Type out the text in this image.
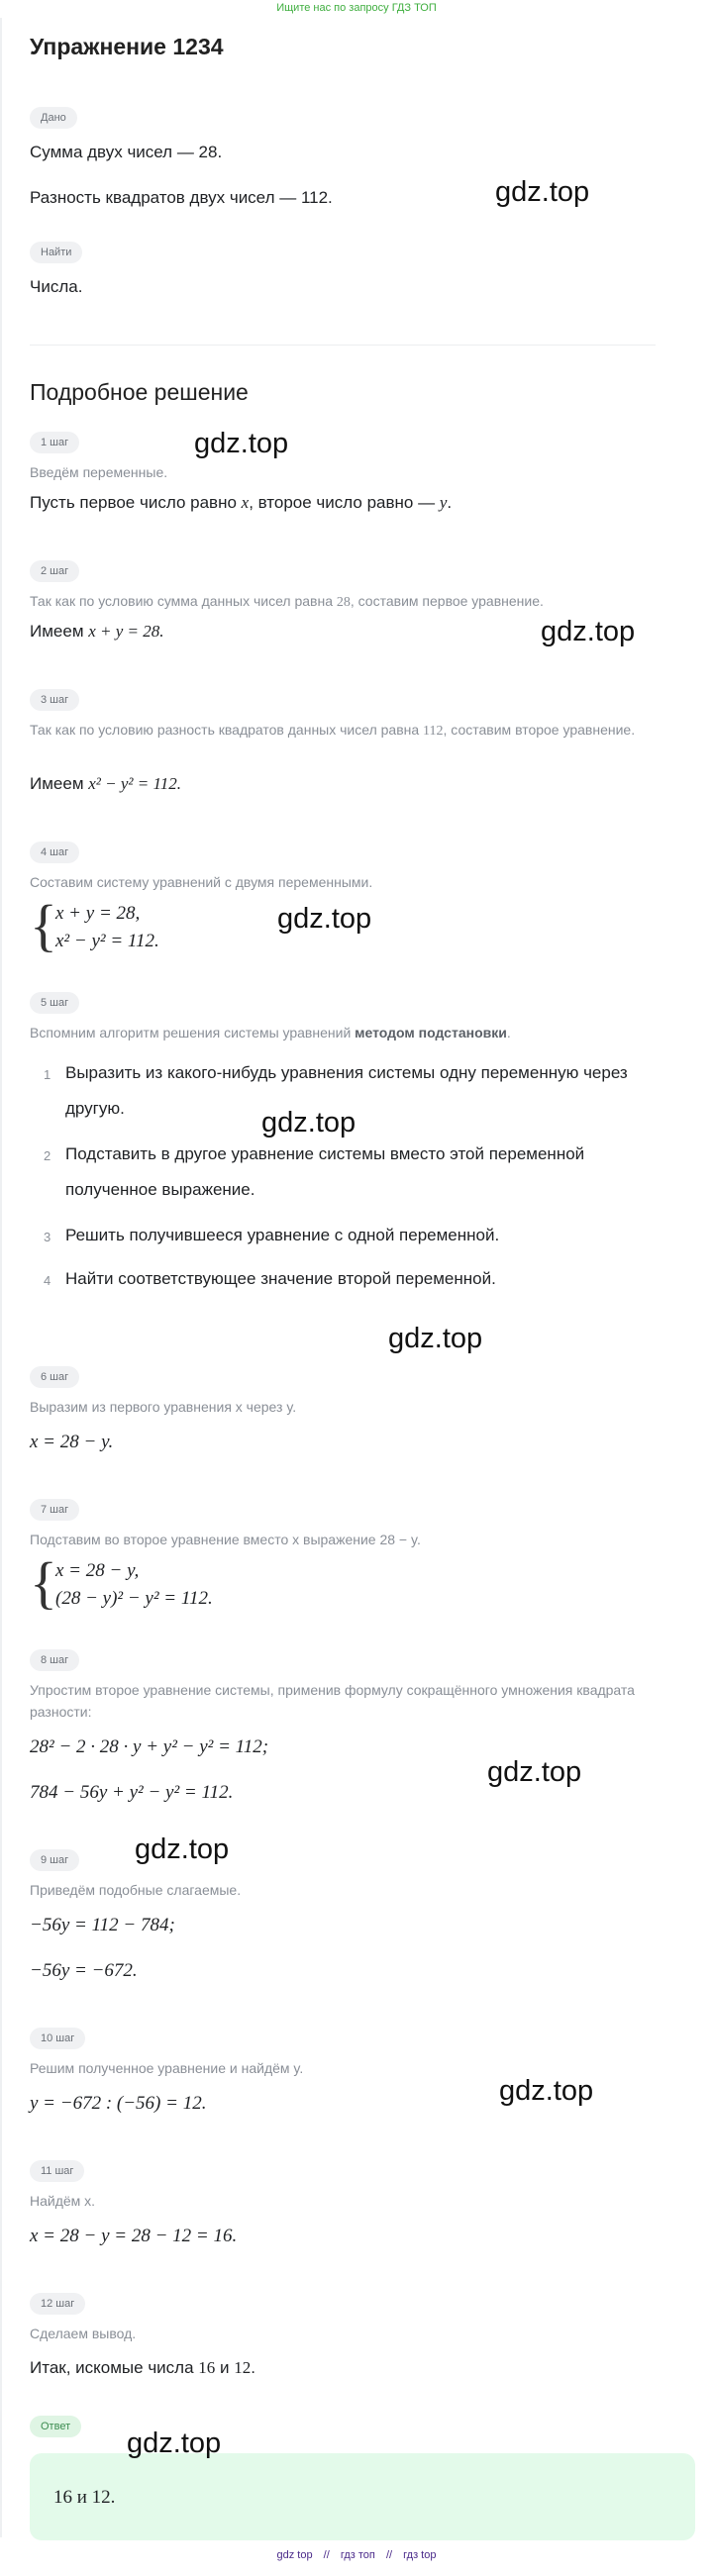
Ищите нас по запросу ГДЗ ТОП
Упражнение 1234
Дано
Сумма двух чисел — 28.
Разность квадратов двух чисел — 112.
Найти
Числа.
Подробное решение
1 шаг
Введём переменные.
Пусть первое число равно x, второе число равно — y.
2 шаг
Так как по условию сумма данных чисел равна 28, составим первое уравнение.
Имеем x + y = 28.
3 шаг
Так как по условию разность квадратов данных чисел равна 112, составим второе уравнение.
Имеем x² − y² = 112.
4 шаг
Составим систему уравнений с двумя переменными.
{
x + y = 28,
x² − y² = 112.
5 шаг
Вспомним алгоритм решения системы уравнений методом подстановки.
1 Выразить из какого-нибудь уравнения системы одну переменную через другую.
2 Подставить в другое уравнение системы вместо этой переменной полученное выражение.
3 Решить получившееся уравнение с одной переменной.
4 Найти соответствующее значение второй переменной.
6 шаг
Выразим из первого уравнения x через y.
x = 28 − y.
7 шаг
Подставим во второе уравнение вместо x выражение 28 − y.
{
x = 28 − y,
(28 − y)² − y² = 112.
8 шаг
Упростим второе уравнение системы, применив формулу сокращённого умножения квадрата разности:
28² − 2 · 28 · y + y² − y² = 112;
784 − 56y + y² − y² = 112.
9 шаг
Приведём подобные слагаемые.
−56y = 112 − 784;
−56y = −672.
10 шаг
Решим полученное уравнение и найдём y.
y = −672 : (−56) = 12.
11 шаг
Найдём x.
x = 28 − y = 28 − 12 = 16.
12 шаг
Сделаем вывод.
Итак, искомые числа 16 и 12.
Ответ
16 и 12.
gdz.top
gdz.top
gdz.top
gdz.top
gdz.top
gdz.top
gdz.top
gdz.top
gdz.top
gdz.top
gdz top // гдз топ // гдз top
